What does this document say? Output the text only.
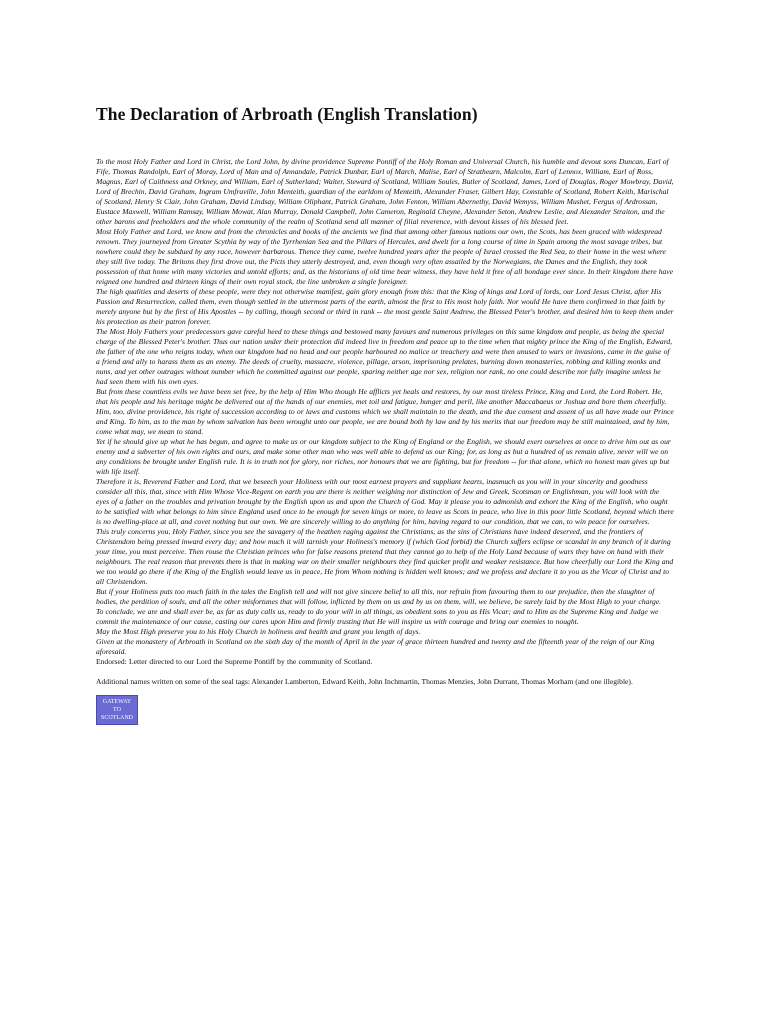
The Declaration of Arbroath (English Translation)

To the most Holy Father and Lord in Christ, the Lord John, by divine providence Supreme Pontiff of the Holy Roman and Universal Church, his humble and devout sons Duncan, Earl of Fife, Thomas Randolph, Earl of Moray, Lord of Man and of Annandale, Patrick Dunbar, Earl of March, Malise, Earl of Strathearn, Malcolm, Earl of Lennox, William, Earl of Ross, Magnus, Earl of Caithness and Orkney, and William, Earl of Sutherland; Walter, Steward of Scotland, William Soules, Butler of Scotland, James, Lord of Douglas, Roger Mowbray, David, Lord of Brechin, David Graham, Ingram Umfraville, John Menteith, guardian of the earldom of Menteith, Alexander Fraser, Gilbert Hay, Constable of Scotland, Robert Keith, Marischal of Scotland, Henry St Clair, John Graham, David Lindsay, William Oliphant, Patrick Graham, John Fenton, William Abernethy, David Wemyss, William Mushet, Fergus of Ardrossan, Eustace Maxwell, William Ramsay, William Mowat, Alan Murray, Donald Campbell, John Cameron, Reginald Cheyne, Alexander Seton, Andrew Leslie, and Alexander Straiton, and the other barons and freeholders and the whole community of the realm of Scotland send all manner of filial reverence, with devout kisses of his blessed feet.

Most Holy Father and Lord, we know and from the chronicles and books of the ancients we find that among other famous nations our own, the Scots, has been graced with widespread renown. They journeyed from Greater Scythia by way of the Tyrrhenian Sea and the Pillars of Hercules, and dwelt for a long course of time in Spain among the most savage tribes, but nowhere could they be subdued by any race, however barbarous. Thence they came, twelve hundred years after the people of Israel crossed the Red Sea, to their home in the west where they still live today. The Britons they first drove out, the Picts they utterly destroyed, and, even though very often assailed by the Norwegians, the Danes and the English, they took possession of that home with many victories and untold efforts; and, as the historians of old time bear witness, they have held it free of all bondage ever since. In their kingdom there have reigned one hundred and thirteen kings of their own royal stock, the line unbroken a single foreigner.

The high qualities and deserts of these people, were they not otherwise manifest, gain glory enough from this: that the King of kings and Lord of lords, our Lord Jesus Christ, after His Passion and Resurrection, called them, even though settled in the uttermost parts of the earth, almost the first to His most holy faith. Nor would He have them confirmed in that faith by merely anyone but by the first of His Apostles -- by calling, though second or third in rank -- the most gentle Saint Andrew, the Blessed Peter's brother, and desired him to keep them under his protection as their patron forever.

The Most Holy Fathers your predecessors gave careful heed to these things and bestowed many favours and numerous privileges on this same kingdom and people, as being the special charge of the Blessed Peter's brother. Thus our nation under their protection did indeed live in freedom and peace up to the time when that mighty prince the King of the English, Edward, the father of the one who reigns today, when our kingdom had no head and our people harboured no malice or treachery and were then unused to wars or invasions, came in the guise of a friend and ally to harass them as an enemy. The deeds of cruelty, massacre, violence, pillage, arson, imprisoning prelates, burning down monasteries, robbing and killing monks and nuns, and yet other outrages without number which he committed against our people, sparing neither age nor sex, religion nor rank, no one could describe nor fully imagine unless he had seen them with his own eyes.

But from these countless evils we have been set free, by the help of Him Who though He afflicts yet heals and restores, by our most tireless Prince, King and Lord, the Lord Robert. He, that his people and his heritage might be delivered out of the hands of our enemies, met toil and fatigue, hunger and peril, like another Maccabaeus or Joshua and bore them cheerfully. Him, too, divine providence, his right of succession according to or laws and customs which we shall maintain to the death, and the due consent and assent of us all have made our Prince and King. To him, as to the man by whom salvation has been wrought unto our people, we are bound both by law and by his merits that our freedom may be still maintained, and by him, come what may, we mean to stand.

Yet if he should give up what he has begun, and agree to make us or our kingdom subject to the King of England or the English, we should exert ourselves at once to drive him out as our enemy and a subverter of his own rights and ours, and make some other man who was well able to defend us our King; for, as long as but a hundred of us remain alive, never will we on any conditions be brought under English rule. It is in truth not for glory, nor riches, nor honours that we are fighting, but for freedom -- for that alone, which no honest man gives up but with life itself.

Therefore it is, Reverend Father and Lord, that we beseech your Holiness with our most earnest prayers and suppliant hearts, inasmuch as you will in your sincerity and goodness consider all this, that, since with Him Whose Vice-Regent on earth you are there is neither weighing nor distinction of Jew and Greek, Scotsman or Englishman, you will look with the eyes of a father on the troubles and privation brought by the English upon us and upon the Church of God. May it please you to admonish and exhort the King of the English, who ought to be satisfied with what belongs to him since England used once to be enough for seven kings or more, to leave us Scots in peace, who live in this poor little Scotland, beyond which there is no dwelling-place at all, and covet nothing but our own. We are sincerely willing to do anything for him, having regard to our condition, that we can, to win peace for ourselves.

This truly concerns you, Holy Father, since you see the savagery of the heathen raging against the Christians, as the sins of Christians have indeed deserved, and the frontiers of Christendom being pressed inward every day; and how much it will tarnish your Holiness's memory if (which God forbid) the Church suffers eclipse or scandal in any branch of it during your time, you must perceive. Then rouse the Christian princes who for false reasons pretend that they cannot go to help of the Holy Land because of wars they have on hand with their neighbours. The real reason that prevents them is that in making war on their smaller neighbours they find quicker profit and weaker resistance. But how cheerfully our Lord the King and we too would go there if the King of the English would leave us in peace, He from Whom nothing is hidden well knows; and we profess and declare it to you as the Vicar of Christ and to all Christendom.

But if your Holiness puts too much faith in the tales the English tell and will not give sincere belief to all this, nor refrain from favouring them to our prejudice, then the slaughter of bodies, the perdition of souls, and all the other misfortunes that will follow, inflicted by them on us and by us on them, will, we believe, be surely laid by the Most High to your charge.

To conclude, we are and shall ever be, as far as duty calls us, ready to do your will in all things, as obedient sons to you as His Vicar; and to Him as the Supreme King and Judge we commit the maintenance of our cause, casting our cares upon Him and firmly trusting that He will inspire us with courage and bring our enemies to nought.

May the Most High preserve you to his Holy Church in holiness and health and grant you length of days.

Given at the monastery of Arbroath in Scotland on the sixth day of the month of April in the year of grace thirteen hundred and twenty and the fifteenth year of the reign of our King aforesaid.

Endorsed: Letter directed to our Lord the Supreme Pontiff by the community of Scotland.

Additional names written on some of the seal tags: Alexander Lamberton, Edward Keith, John Inchmartin, Thomas Menzies, John Durrant, Thomas Morham (and one illegible).

GATEWAY
TO
SCOTLAND
